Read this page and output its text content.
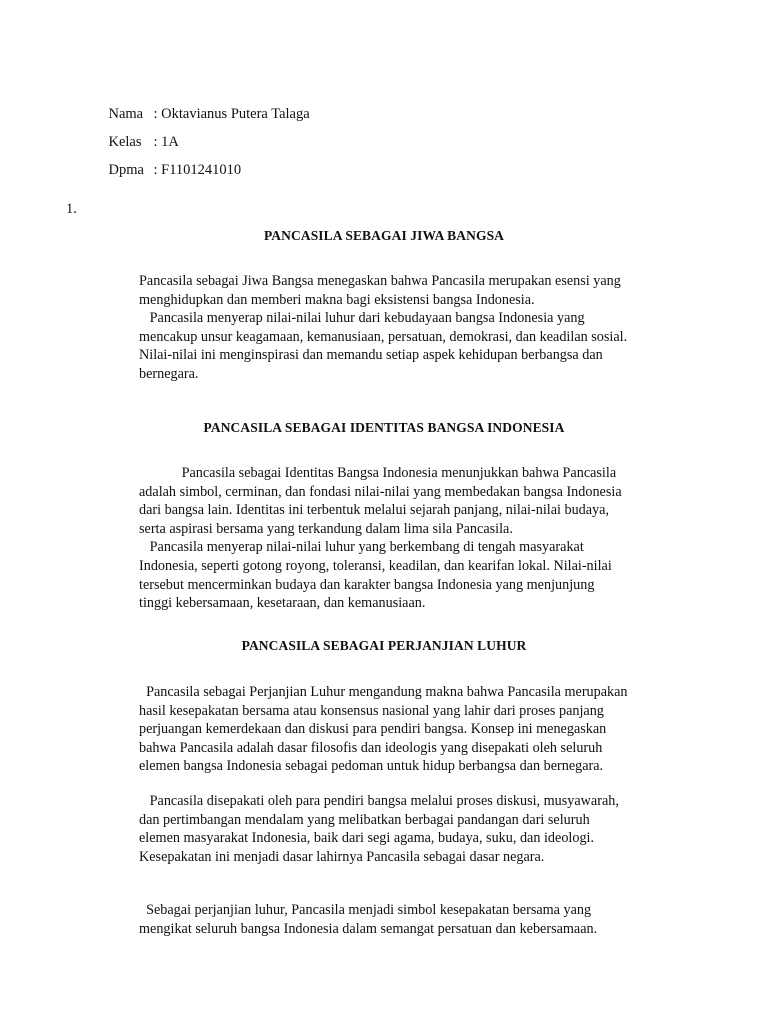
Nama : Oktavianus Putera Talaga

Kelas : 1A

Dpma : F1101241010

1.
PANCASILA SEBAGAI JIWA BANGSA
Pancasila sebagai Jiwa Bangsa menegaskan bahwa Pancasila merupakan esensi yang
menghidupkan dan memberi makna bagi eksistensi bangsa Indonesia.
Pancasila menyerap nilai-nilai luhur dari kebudayaan bangsa Indonesia yang
mencakup unsur keagamaan, kemanusiaan, persatuan, demokrasi, dan keadilan sosial.
Nilai-nilai ini menginspirasi dan memandu setiap aspek kehidupan berbangsa dan
bernegara.
PANCASILA SEBAGAI IDENTITAS BANGSA INDONESIA
Pancasila sebagai Identitas Bangsa Indonesia menunjukkan bahwa Pancasila
adalah simbol, cerminan, dan fondasi nilai-nilai yang membedakan bangsa Indonesia
dari bangsa lain. Identitas ini terbentuk melalui sejarah panjang, nilai-nilai budaya,
serta aspirasi bersama yang terkandung dalam lima sila Pancasila.
Pancasila menyerap nilai-nilai luhur yang berkembang di tengah masyarakat
Indonesia, seperti gotong royong, toleransi, keadilan, dan kearifan lokal. Nilai-nilai
tersebut mencerminkan budaya dan karakter bangsa Indonesia yang menjunjung
tinggi kebersamaan, kesetaraan, dan kemanusiaan.
PANCASILA SEBAGAI PERJANJIAN LUHUR
Pancasila sebagai Perjanjian Luhur mengandung makna bahwa Pancasila merupakan
hasil kesepakatan bersama atau konsensus nasional yang lahir dari proses panjang
perjuangan kemerdekaan dan diskusi para pendiri bangsa. Konsep ini menegaskan
bahwa Pancasila adalah dasar filosofis dan ideologis yang disepakati oleh seluruh
elemen bangsa Indonesia sebagai pedoman untuk hidup berbangsa dan bernegara.
Pancasila disepakati oleh para pendiri bangsa melalui proses diskusi, musyawarah,
dan pertimbangan mendalam yang melibatkan berbagai pandangan dari seluruh
elemen masyarakat Indonesia, baik dari segi agama, budaya, suku, dan ideologi.
Kesepakatan ini menjadi dasar lahirnya Pancasila sebagai dasar negara.
Sebagai perjanjian luhur, Pancasila menjadi simbol kesepakatan bersama yang
mengikat seluruh bangsa Indonesia dalam semangat persatuan dan kebersamaan.
